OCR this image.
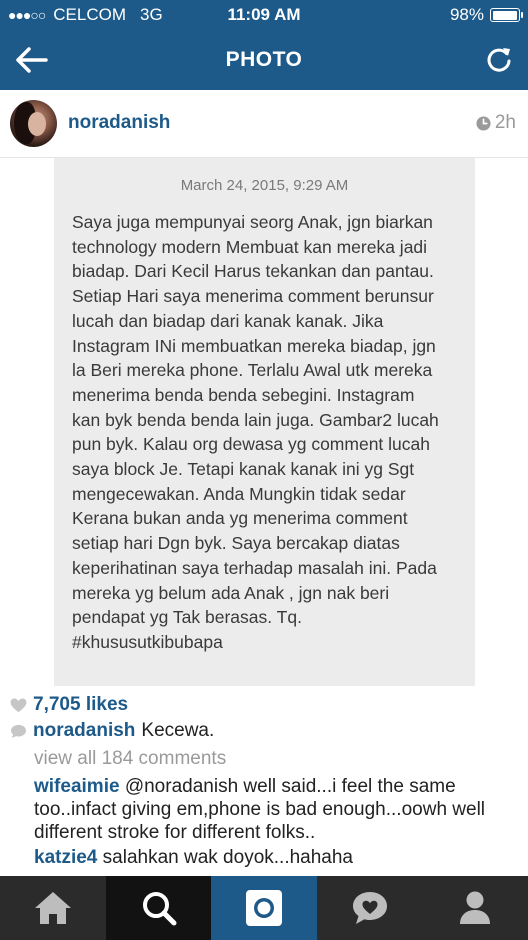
●●●○○ CELCOM 3G	11:09 AM	98%
PHOTO
noradanish	2h
March 24, 2015, 9:29 AM
Saya juga mempunyai seorg Anak, jgn biarkan
technology modern Membuat kan mereka jadi
biadap. Dari Kecil Harus tekankan dan pantau.
Setiap Hari saya menerima comment berunsur
lucah dan biadap dari kanak kanak. Jika
Instagram INi membuatkan mereka biadap, jgn
la Beri mereka phone. Terlalu Awal utk mereka
menerima benda benda sebegini. Instagram
kan byk benda benda lain juga. Gambar2 lucah
pun byk. Kalau org dewasa yg comment lucah
saya block Je. Tetapi kanak kanak ini yg Sgt
mengecewakan. Anda Mungkin tidak sedar
Kerana bukan anda yg menerima comment
setiap hari Dgn byk. Saya bercakap diatas
keperihatinan saya terhadap masalah ini. Pada
mereka yg belum ada Anak , jgn nak beri
pendapat yg Tak berasas. Tq.
#khususutkibubapa
7,705 likes
noradanish Kecewa.
view all 184 comments
wifeaimie @noradanish well said...i feel the same too..infact giving em,phone is bad enough...oowh well different stroke for different folks..
katzie4 salahkan wak doyok...hahaha
